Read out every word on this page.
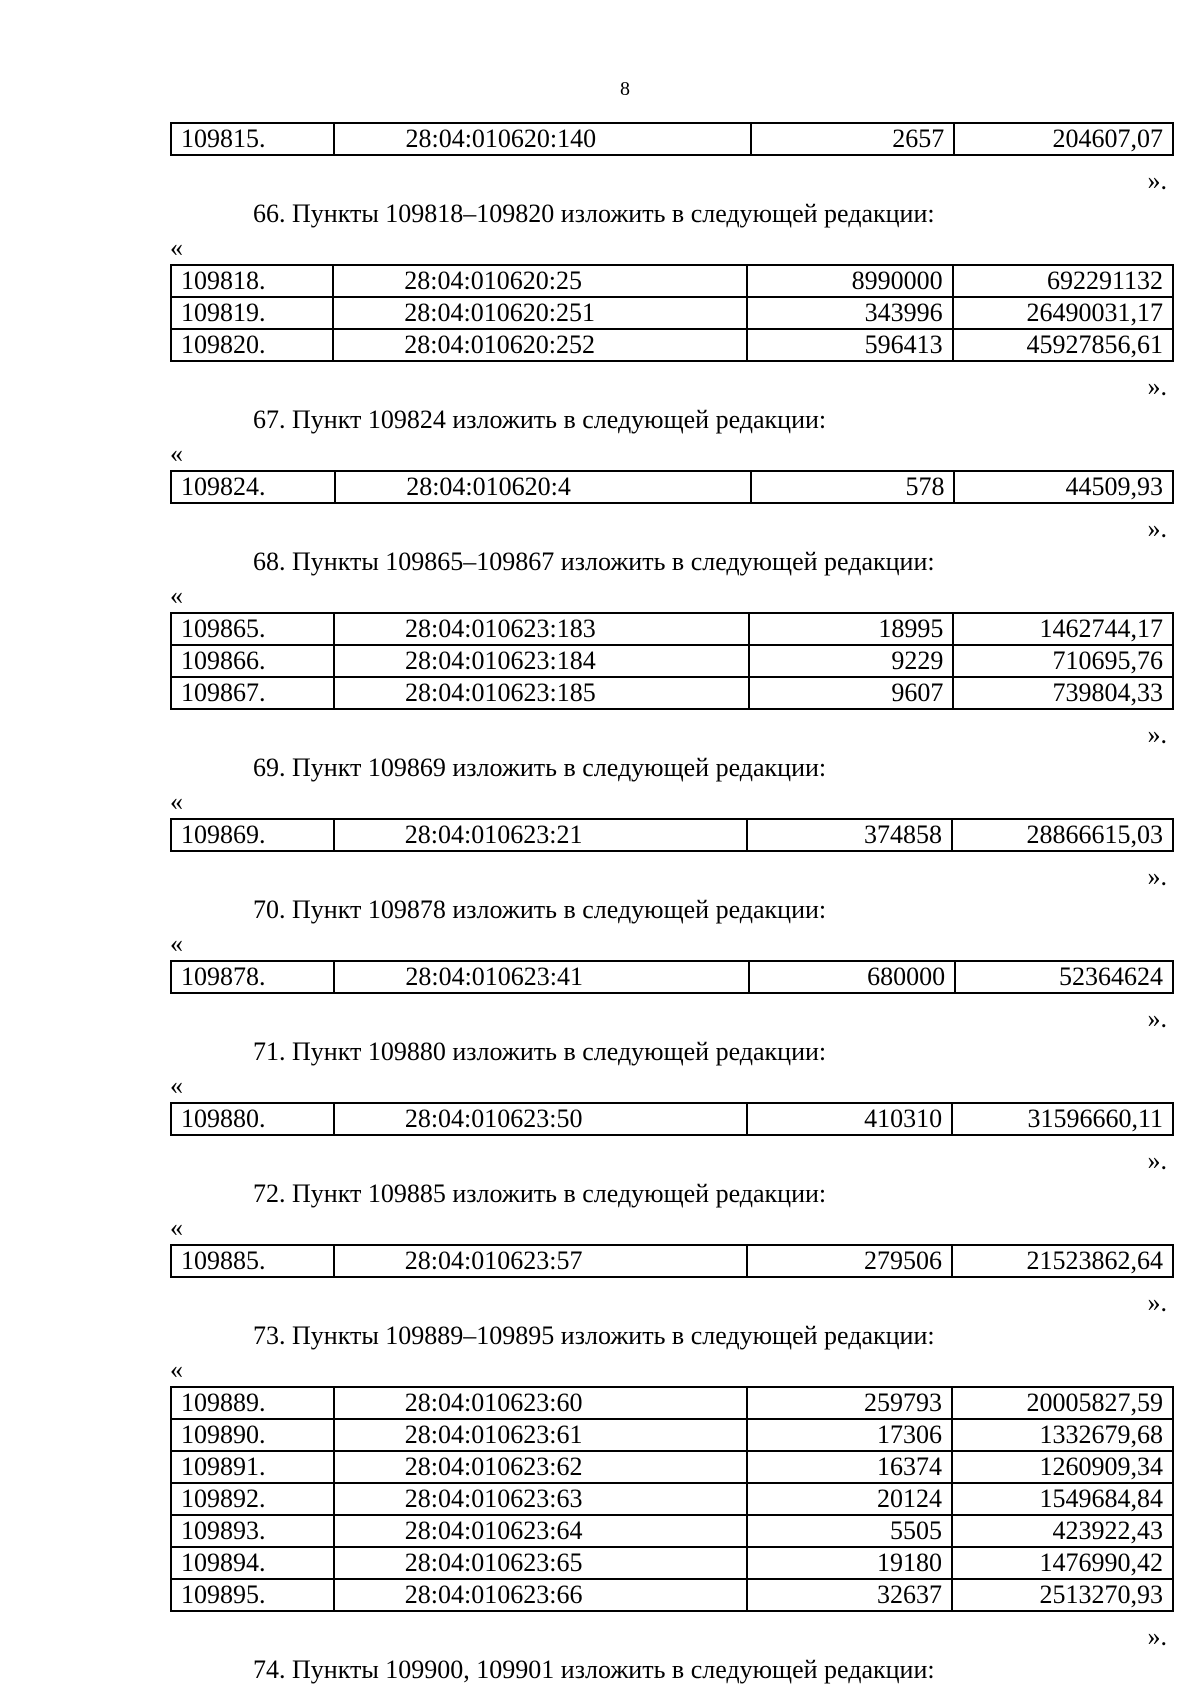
8
109815.	28:04:010620:140	2657	204607,07
».
66. Пункты 109818–109820 изложить в следующей редакции:
«
109818.	28:04:010620:25	8990000	692291132
109819.	28:04:010620:251	343996	26490031,17
109820.	28:04:010620:252	596413	45927856,61
».
67. Пункт 109824 изложить в следующей редакции:
«
109824.	28:04:010620:4	578	44509,93
».
68. Пункты 109865–109867 изложить в следующей редакции:
«
109865.	28:04:010623:183	18995	1462744,17
109866.	28:04:010623:184	9229	710695,76
109867.	28:04:010623:185	9607	739804,33
».
69. Пункт 109869 изложить в следующей редакции:
«
109869.	28:04:010623:21	374858	28866615,03
».
70. Пункт 109878 изложить в следующей редакции:
«
109878.	28:04:010623:41	680000	52364624
».
71. Пункт 109880 изложить в следующей редакции:
«
109880.	28:04:010623:50	410310	31596660,11
».
72. Пункт 109885 изложить в следующей редакции:
«
109885.	28:04:010623:57	279506	21523862,64
».
73. Пункты 109889–109895 изложить в следующей редакции:
«
109889.	28:04:010623:60	259793	20005827,59
109890.	28:04:010623:61	17306	1332679,68
109891.	28:04:010623:62	16374	1260909,34
109892.	28:04:010623:63	20124	1549684,84
109893.	28:04:010623:64	5505	423922,43
109894.	28:04:010623:65	19180	1476990,42
109895.	28:04:010623:66	32637	2513270,93
».
74. Пункты 109900, 109901 изложить в следующей редакции:
